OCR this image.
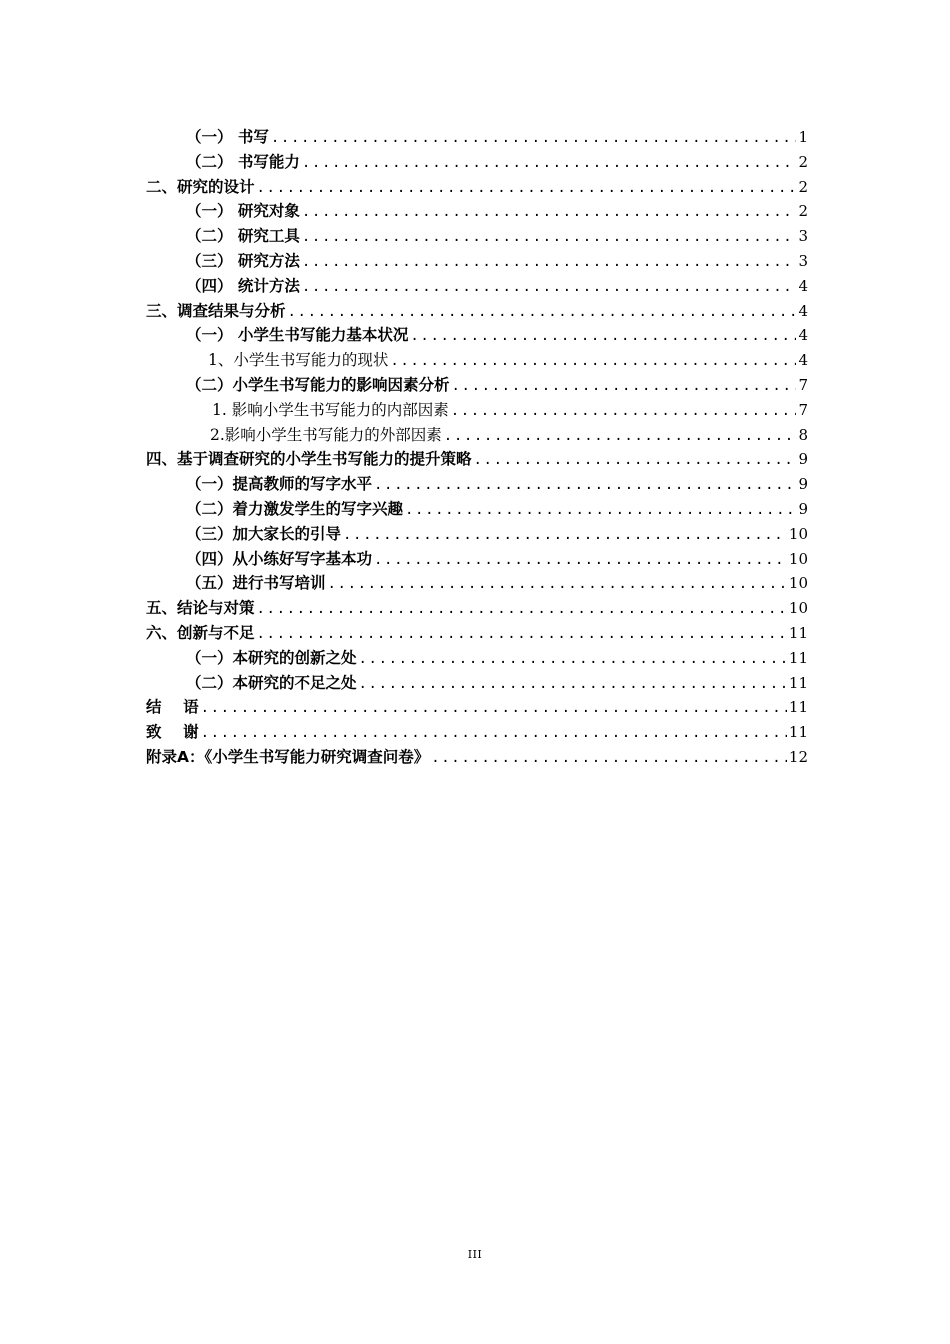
（一） 书写 .....	1
（二） 书写能力 .....	2
二、研究的设计 .....	2
（一） 研究对象 .....	2
（二） 研究工具 .....	3
（三） 研究方法 .....	3
（四） 统计方法 .....	4
三、调查结果与分析 .....	4
（一） 小学生书写能力基本状况 .....	4
1、小学生书写能力的现状 .....	4
（二）小学生书写能力的影响因素分析 .....	7
1. 影响小学生书写能力的内部因素 .....	7
2.影响小学生书写能力的外部因素 .....	8
四、基于调查研究的小学生书写能力的提升策略 .....	9
（一）提高教师的写字水平 .....	9
（二）着力激发学生的写字兴趣 .....	9
（三）加大家长的引导 .....	10
（四）从小练好写字基本功 .....	10
（五）进行书写培训 .....	10
五、结论与对策 .....	10
六、创新与不足 .....	11
（一）本研究的创新之处 .....	11
（二）本研究的不足之处 .....	11
结    语 .....	11
致    谢 .....	11
附录A：《小学生书写能力研究调查问卷》 .....	12
III
